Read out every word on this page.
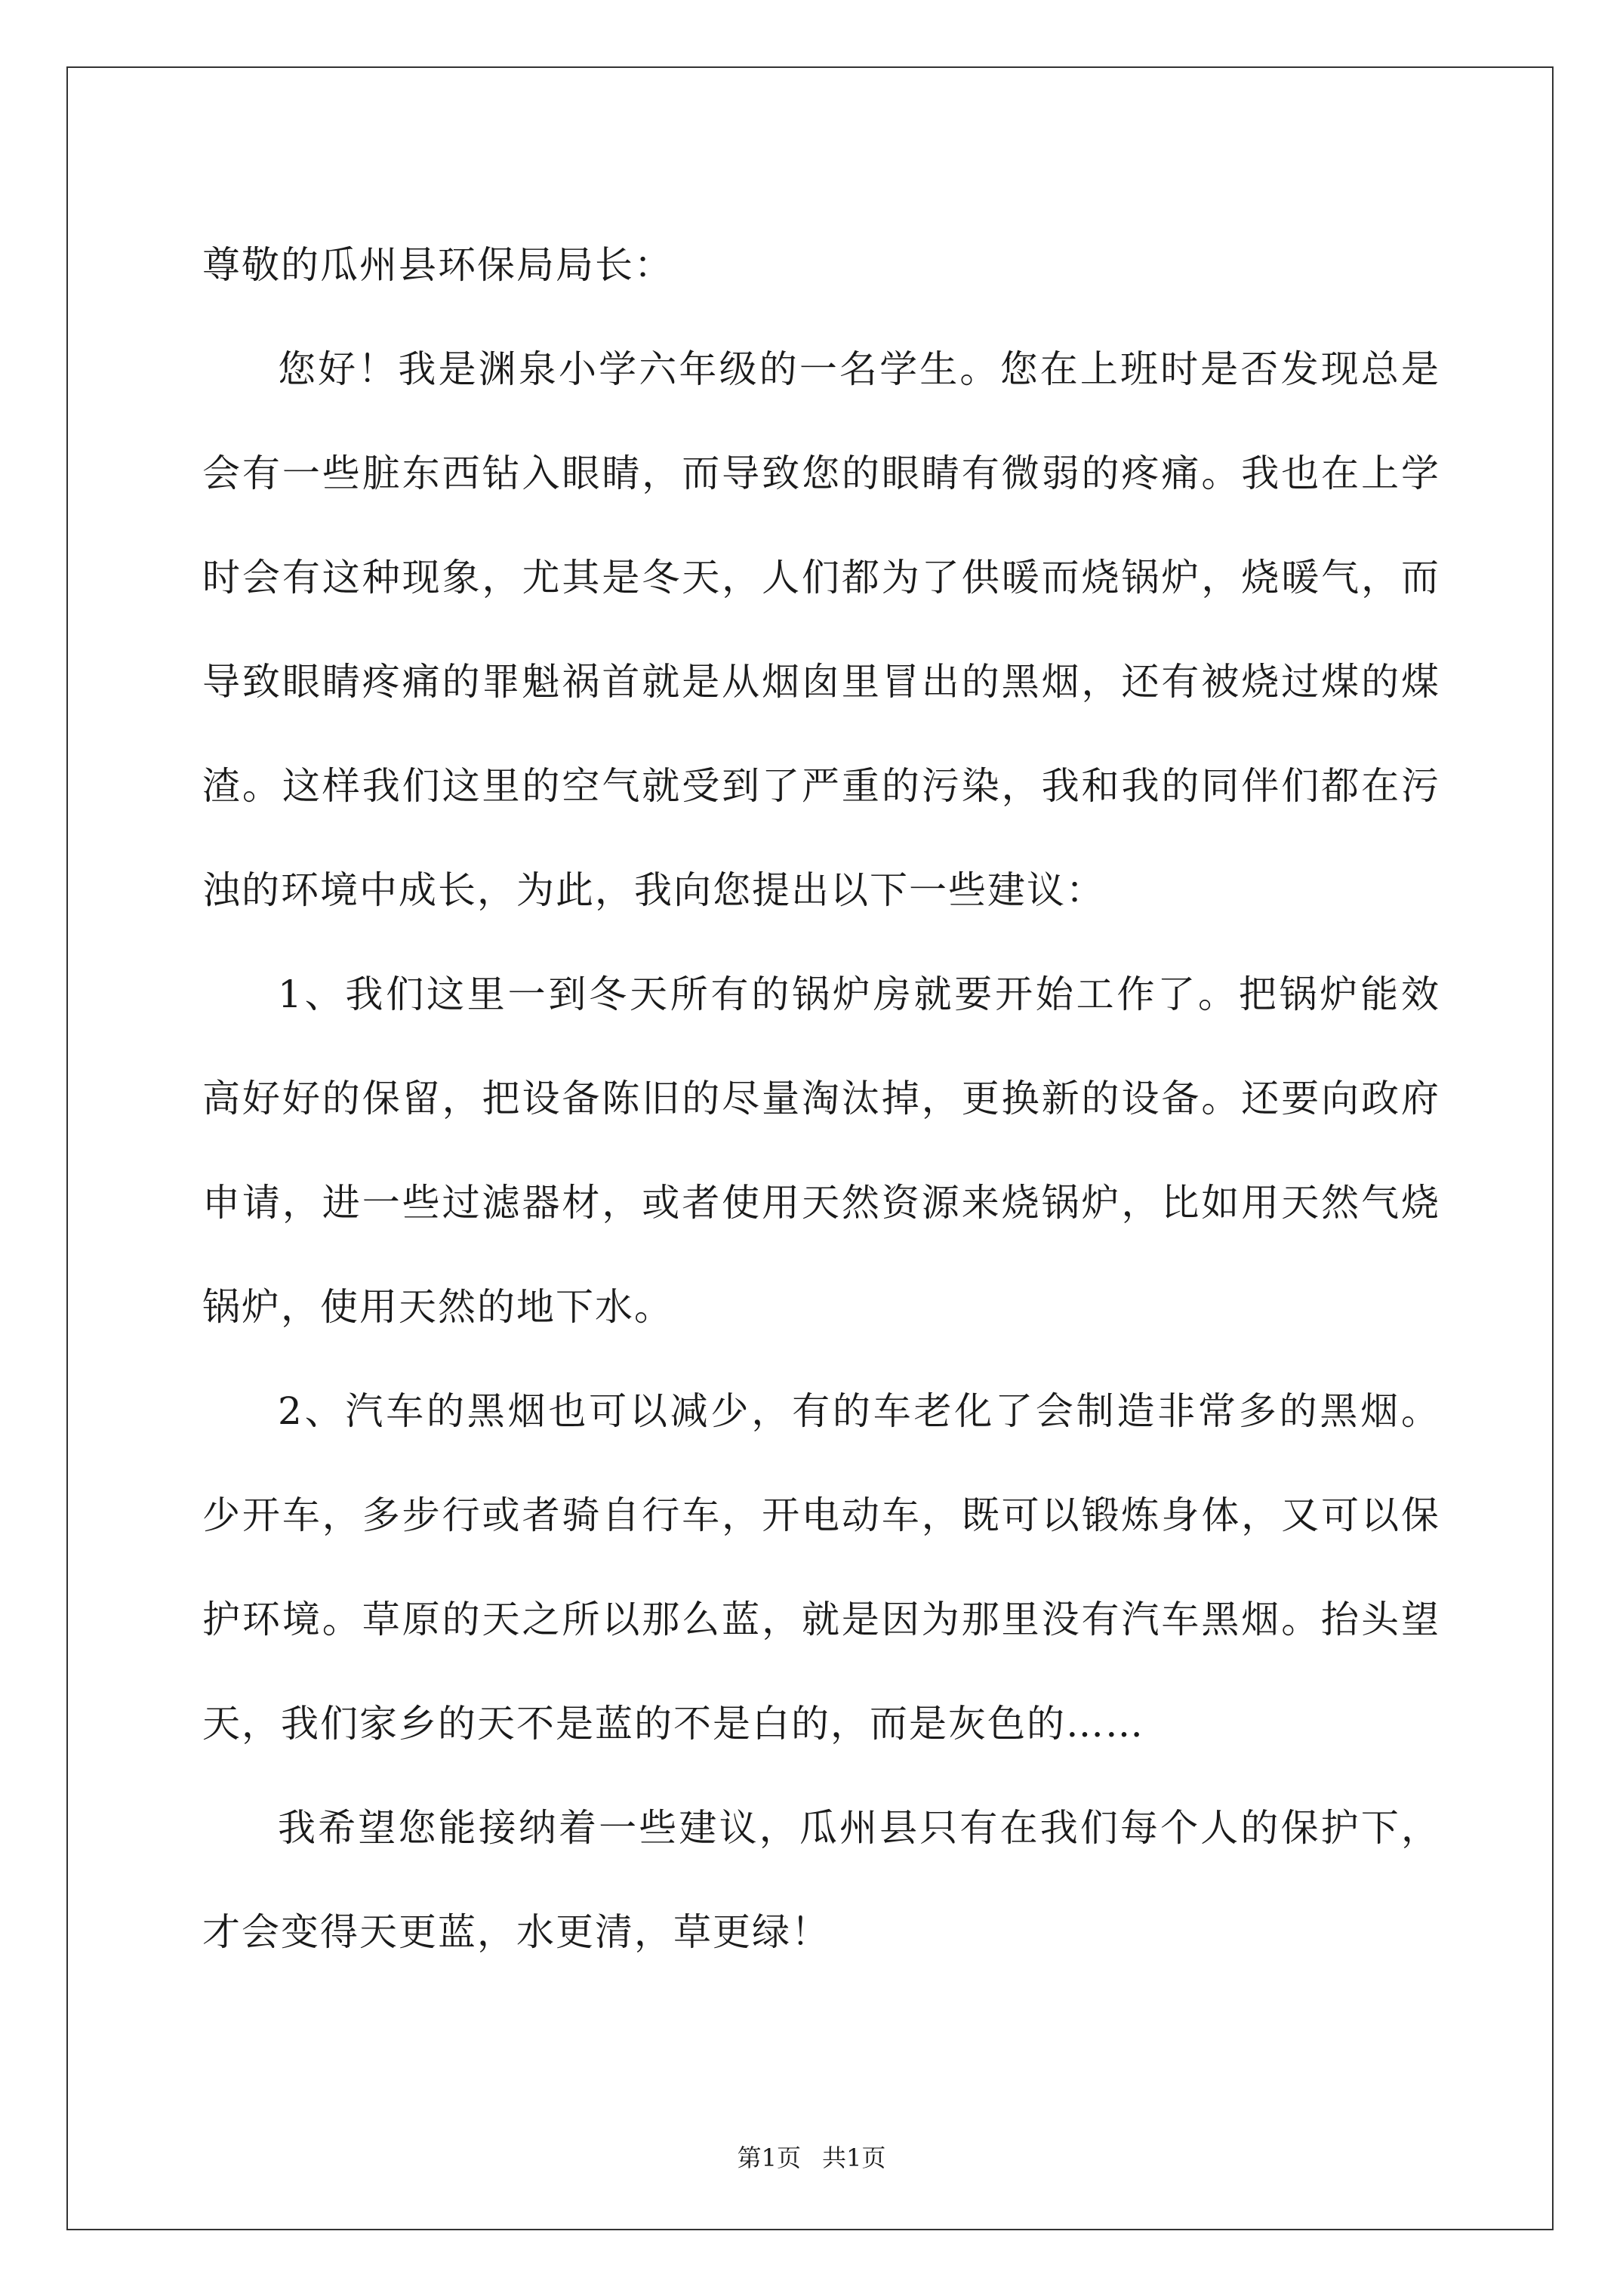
尊敬的瓜州县环保局局长：

您好！我是渊泉小学六年级的一名学生。您在上班时是否发现总是会有一些脏东西钻入眼睛，而导致您的眼睛有微弱的疼痛。我也在上学时会有这种现象，尤其是冬天，人们都为了供暖而烧锅炉，烧暖气，而导致眼睛疼痛的罪魁祸首就是从烟囱里冒出的黑烟，还有被烧过煤的煤渣。这样我们这里的空气就受到了严重的污染，我和我的同伴们都在污浊的环境中成长，为此，我向您提出以下一些建议：

1、我们这里一到冬天所有的锅炉房就要开始工作了。把锅炉能效高好好的保留，把设备陈旧的尽量淘汰掉，更换新的设备。还要向政府申请，进一些过滤器材，或者使用天然资源来烧锅炉，比如用天然气烧锅炉，使用天然的地下水。

2、汽车的黑烟也可以减少，有的车老化了会制造非常多的黑烟。少开车，多步行或者骑自行车，开电动车，既可以锻炼身体，又可以保护环境。草原的天之所以那么蓝，就是因为那里没有汽车黑烟。抬头望天，我们家乡的天不是蓝的不是白的，而是灰色的……

我希望您能接纳着一些建议，瓜州县只有在我们每个人的保护下，才会变得天更蓝，水更清，草更绿！

第1页 共1页
